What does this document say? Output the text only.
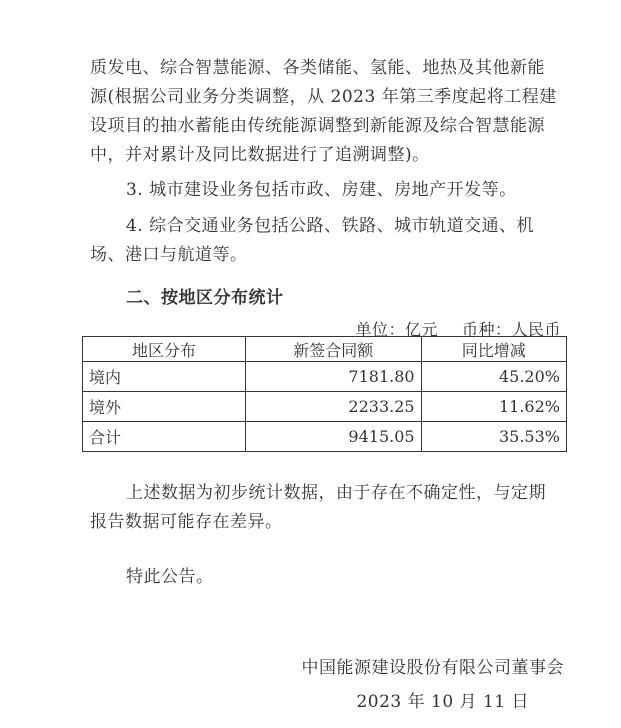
质发电、综合智慧能源、各类储能、氢能、地热及其他新能源(根据公司业务分类调整，从 2023 年第三季度起将工程建设项目的抽水蓄能由传统能源调整到新能源及综合智慧能源中，并对累计及同比数据进行了追溯调整)。

3. 城市建设业务包括市政、房建、房地产开发等。

4. 综合交通业务包括公路、铁路、城市轨道交通、机场、港口与航道等。

二、按地区分布统计
单位：亿元 币种：人民币
地区分布	新签合同额	同比增减
境内	7181.80	45.20%
境外	2233.25	11.62%
合计	9415.05	35.53%

上述数据为初步统计数据，由于存在不确定性，与定期报告数据可能存在差异。

特此公告。
中国能源建设股份有限公司董事会
2023 年 10 月 11 日
